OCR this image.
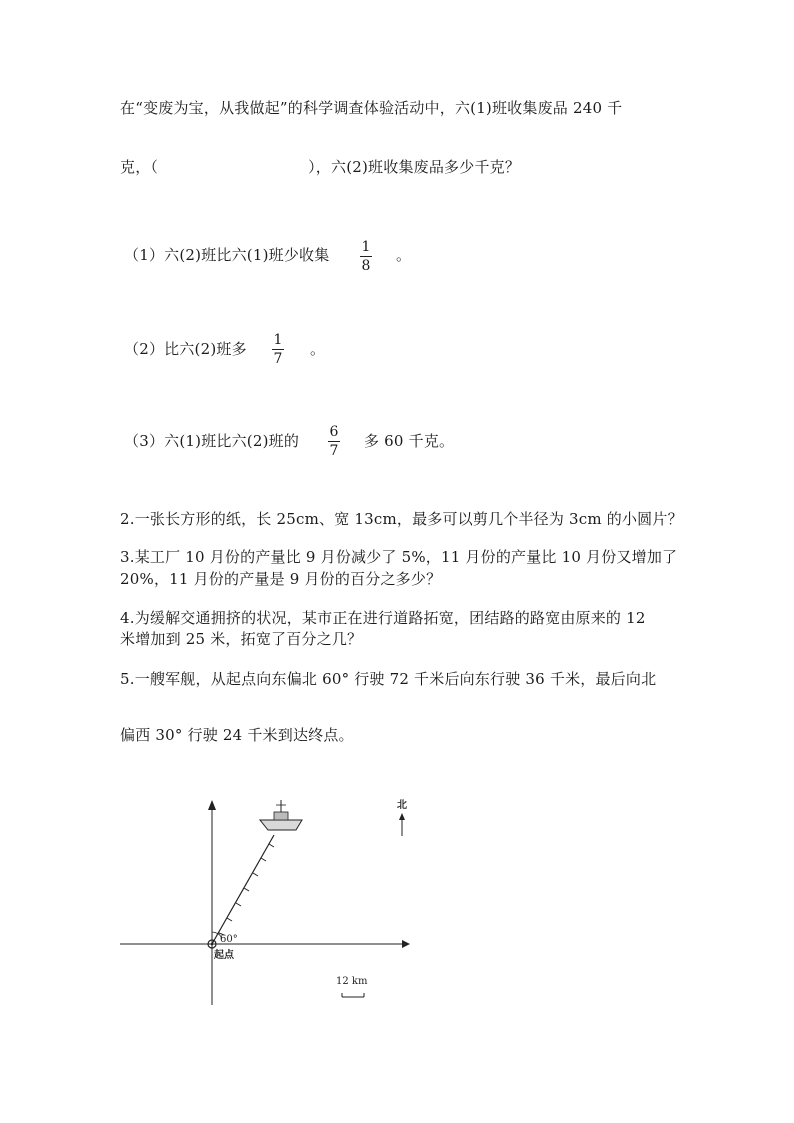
在“变废为宝，从我做起”的科学调查体验活动中，六(1)班收集废品 240 千
克，（	），六(2)班收集废品多少千克？
（1）六(2)班比六(1)班少收集 1
8
。
（2）比六(2)班多 1
7
。
（3）六(1)班比六(2)班的 6
7
多 60 千克。
2.一张长方形的纸，长 25cm、宽 13cm，最多可以剪几个半径为 3cm 的小圆片？
3.某工厂 10 月份的产量比 9 月份减少了 5%，11 月份的产量比 10 月份又增加了
20%，11 月份的产量是 9 月份的百分之多少？
4.为缓解交通拥挤的状况，某市正在进行道路拓宽，团结路的路宽由原来的 12
米增加到 25 米，拓宽了百分之几？
5.一艘军舰，从起点向东偏北 60° 行驶 72 千米后向东行驶 36 千米，最后向北
偏西 30° 行驶 24 千米到达终点。
60°
起点
北
12 km
